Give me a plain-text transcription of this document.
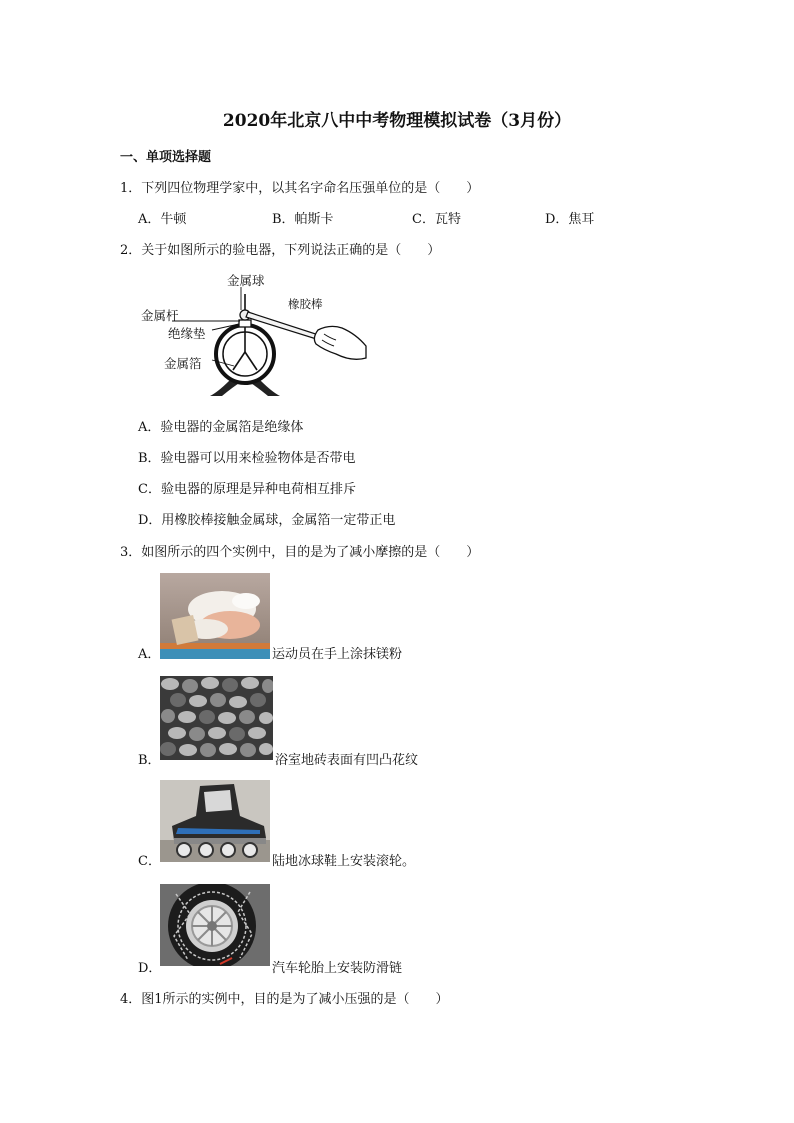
2020年北京八中中考物理模拟试卷（3月份）
一、单项选择题
1．下列四位物理学家中，以其名字命名压强单位的是（　　）
A．牛顿	B．帕斯卡	C．瓦特	D．焦耳
2．关于如图所示的验电器，下列说法正确的是（　　）
金属球
金属杆
绝缘垫
金属箔
橡胶棒
A．验电器的金属箔是绝缘体
B．验电器可以用来检验物体是否带电
C．验电器的原理是异种电荷相互排斥
D．用橡胶棒接触金属球，金属箔一定带正电
3．如图所示的四个实例中，目的是为了减小摩擦的是（　　）
A．	运动员在手上涂抹镁粉
B．	浴室地砖表面有凹凸花纹
C．	陆地冰球鞋上安装滚轮。
D．	汽车轮胎上安装防滑链
4．图1所示的实例中，目的是为了减小压强的是（　　）
